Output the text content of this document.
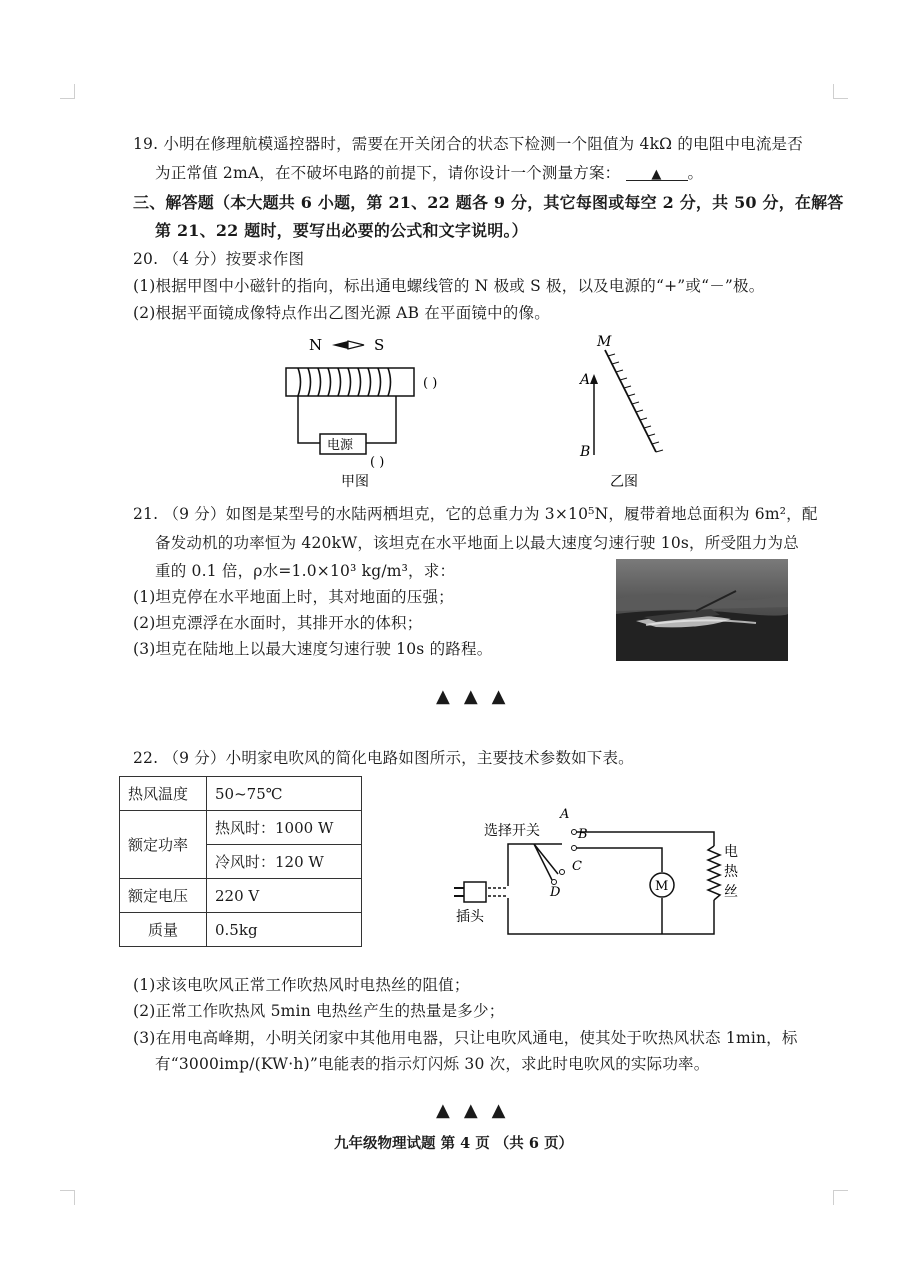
19. 小明在修理航模遥控器时，需要在开关闭合的状态下检测一个阻值为 4kΩ 的电阻中电流是否
为正常值 2mA，在不破坏电路的前提下，请你设计一个测量方案： ▲ 。
三、解答题（本大题共 6 小题，第 21、22 题各 9 分，其它每图或每空 2 分，共 50 分，在解答
第 21、22 题时，要写出必要的公式和文字说明。）
20. （4 分）按要求作图
(1)根据甲图中小磁针的指向，标出通电螺线管的 N 极或 S 极，以及电源的“+”或“－”极。
(2)根据平面镜成像特点作出乙图光源 AB 在平面镜中的像。
N	S
( )
电源
( )
甲图
M
A
B
乙图
21. （9 分）如图是某型号的水陆两栖坦克，它的总重力为 3×10⁵N，履带着地总面积为 6m²，配
备发动机的功率恒为 420kW，该坦克在水平地面上以最大速度匀速行驶 10s，所受阻力为总
重的 0.1 倍，ρ水=1.0×10³ kg/m³，求：
(1)坦克停在水平地面上时，其对地面的压强；
(2)坦克漂浮在水面时，其排开水的体积；
(3)坦克在陆地上以最大速度匀速行驶 10s 的路程。
▲▲▲
22. （9 分）小明家电吹风的简化电路如图所示，主要技术参数如下表。
热风温度	50~75℃
额定功率	热风时：1000 W
	冷风时：120 W
额定电压	220 V
质量	0.5kg
M
选择开关
A
B
C
D
电
热
丝
插头
(1)求该电吹风正常工作吹热风时电热丝的阻值；
(2)正常工作吹热风 5min 电热丝产生的热量是多少；
(3)在用电高峰期，小明关闭家中其他用电器，只让电吹风通电，使其处于吹热风状态 1min，标
有“3000imp/(KW·h)”电能表的指示灯闪烁 30 次，求此时电吹风的实际功率。
▲▲▲
九年级物理试题 第 4 页 （共 6 页）
